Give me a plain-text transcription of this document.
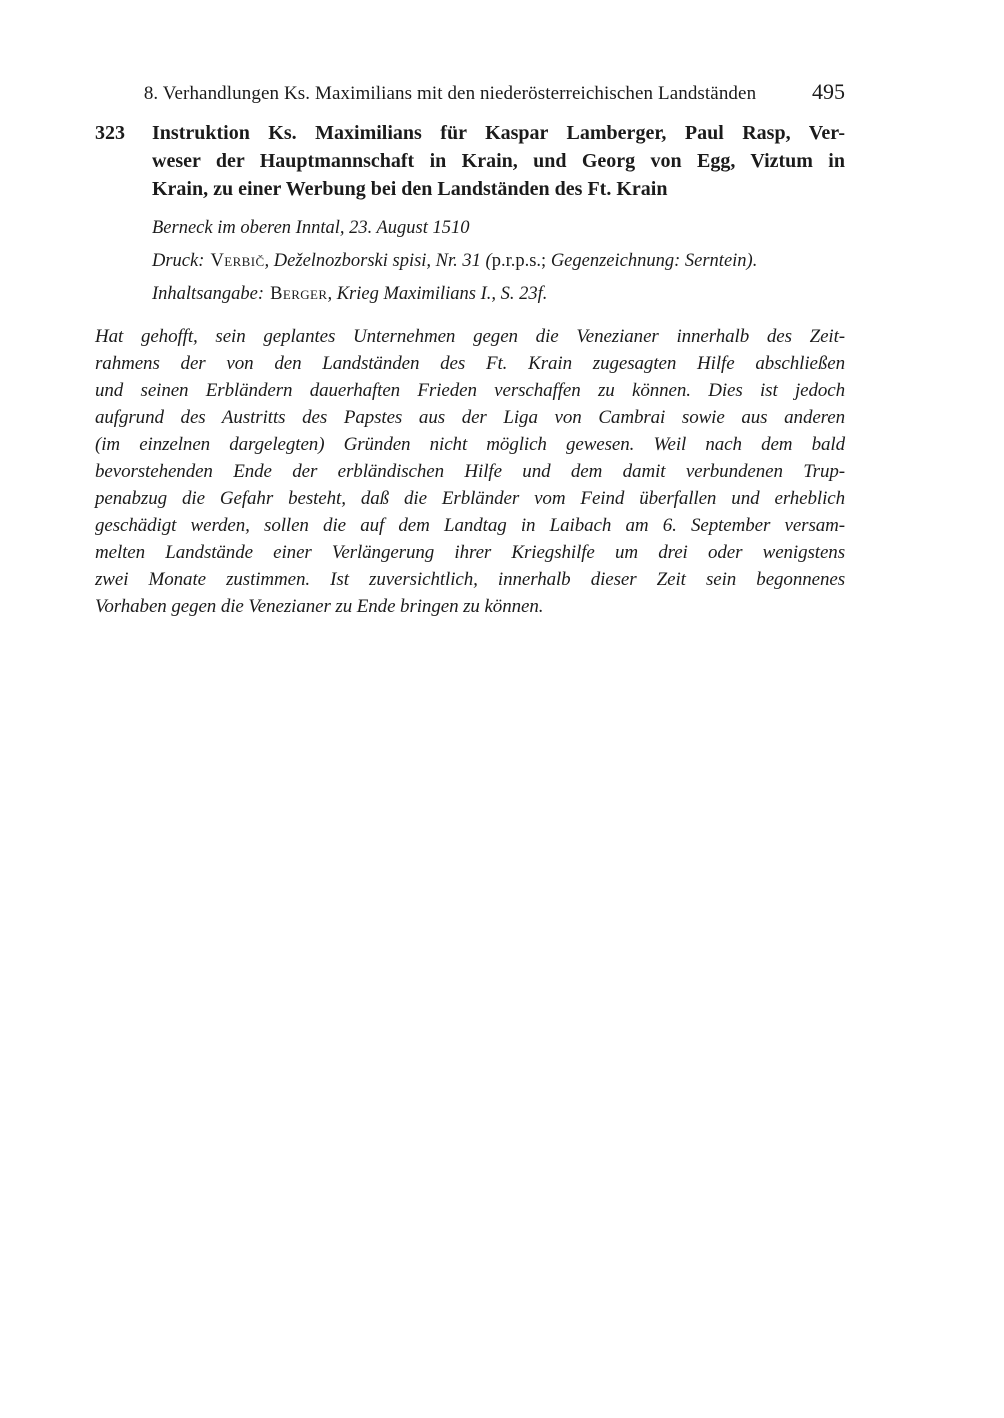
8. Verhandlungen Ks. Maximilians mit den niederösterreichischen Landständen	495
323	Instruktion Ks. Maximilians für Kaspar Lamberger, Paul Rasp, Ver-
weser der Hauptmannschaft in Krain, und Georg von Egg, Viztum in
Krain, zu einer Werbung bei den Landständen des Ft. Krain
Berneck im oberen Inntal, 23. August 1510
Druck: Verbič, Deželnozborski spisi, Nr. 31 (p.r.p.s.; Gegenzeichnung: Serntein).
Inhaltsangabe: Berger, Krieg Maximilians I., S. 23f.
Hat gehofft, sein geplantes Unternehmen gegen die Venezianer innerhalb des Zeit-
rahmens der von den Landständen des Ft. Krain zugesagten Hilfe abschließen
und seinen Erbländern dauerhaften Frieden verschaffen zu können. Dies ist jedoch
aufgrund des Austritts des Papstes aus der Liga von Cambrai sowie aus anderen
(im einzelnen dargelegten) Gründen nicht möglich gewesen. Weil nach dem bald
bevorstehenden Ende der erbländischen Hilfe und dem damit verbundenen Trup-
penabzug die Gefahr besteht, daß die Erbländer vom Feind überfallen und erheblich
geschädigt werden, sollen die auf dem Landtag in Laibach am 6. September versam-
melten Landstände einer Verlängerung ihrer Kriegshilfe um drei oder wenigstens
zwei Monate zustimmen. Ist zuversichtlich, innerhalb dieser Zeit sein begonnenes
Vorhaben gegen die Venezianer zu Ende bringen zu können.
